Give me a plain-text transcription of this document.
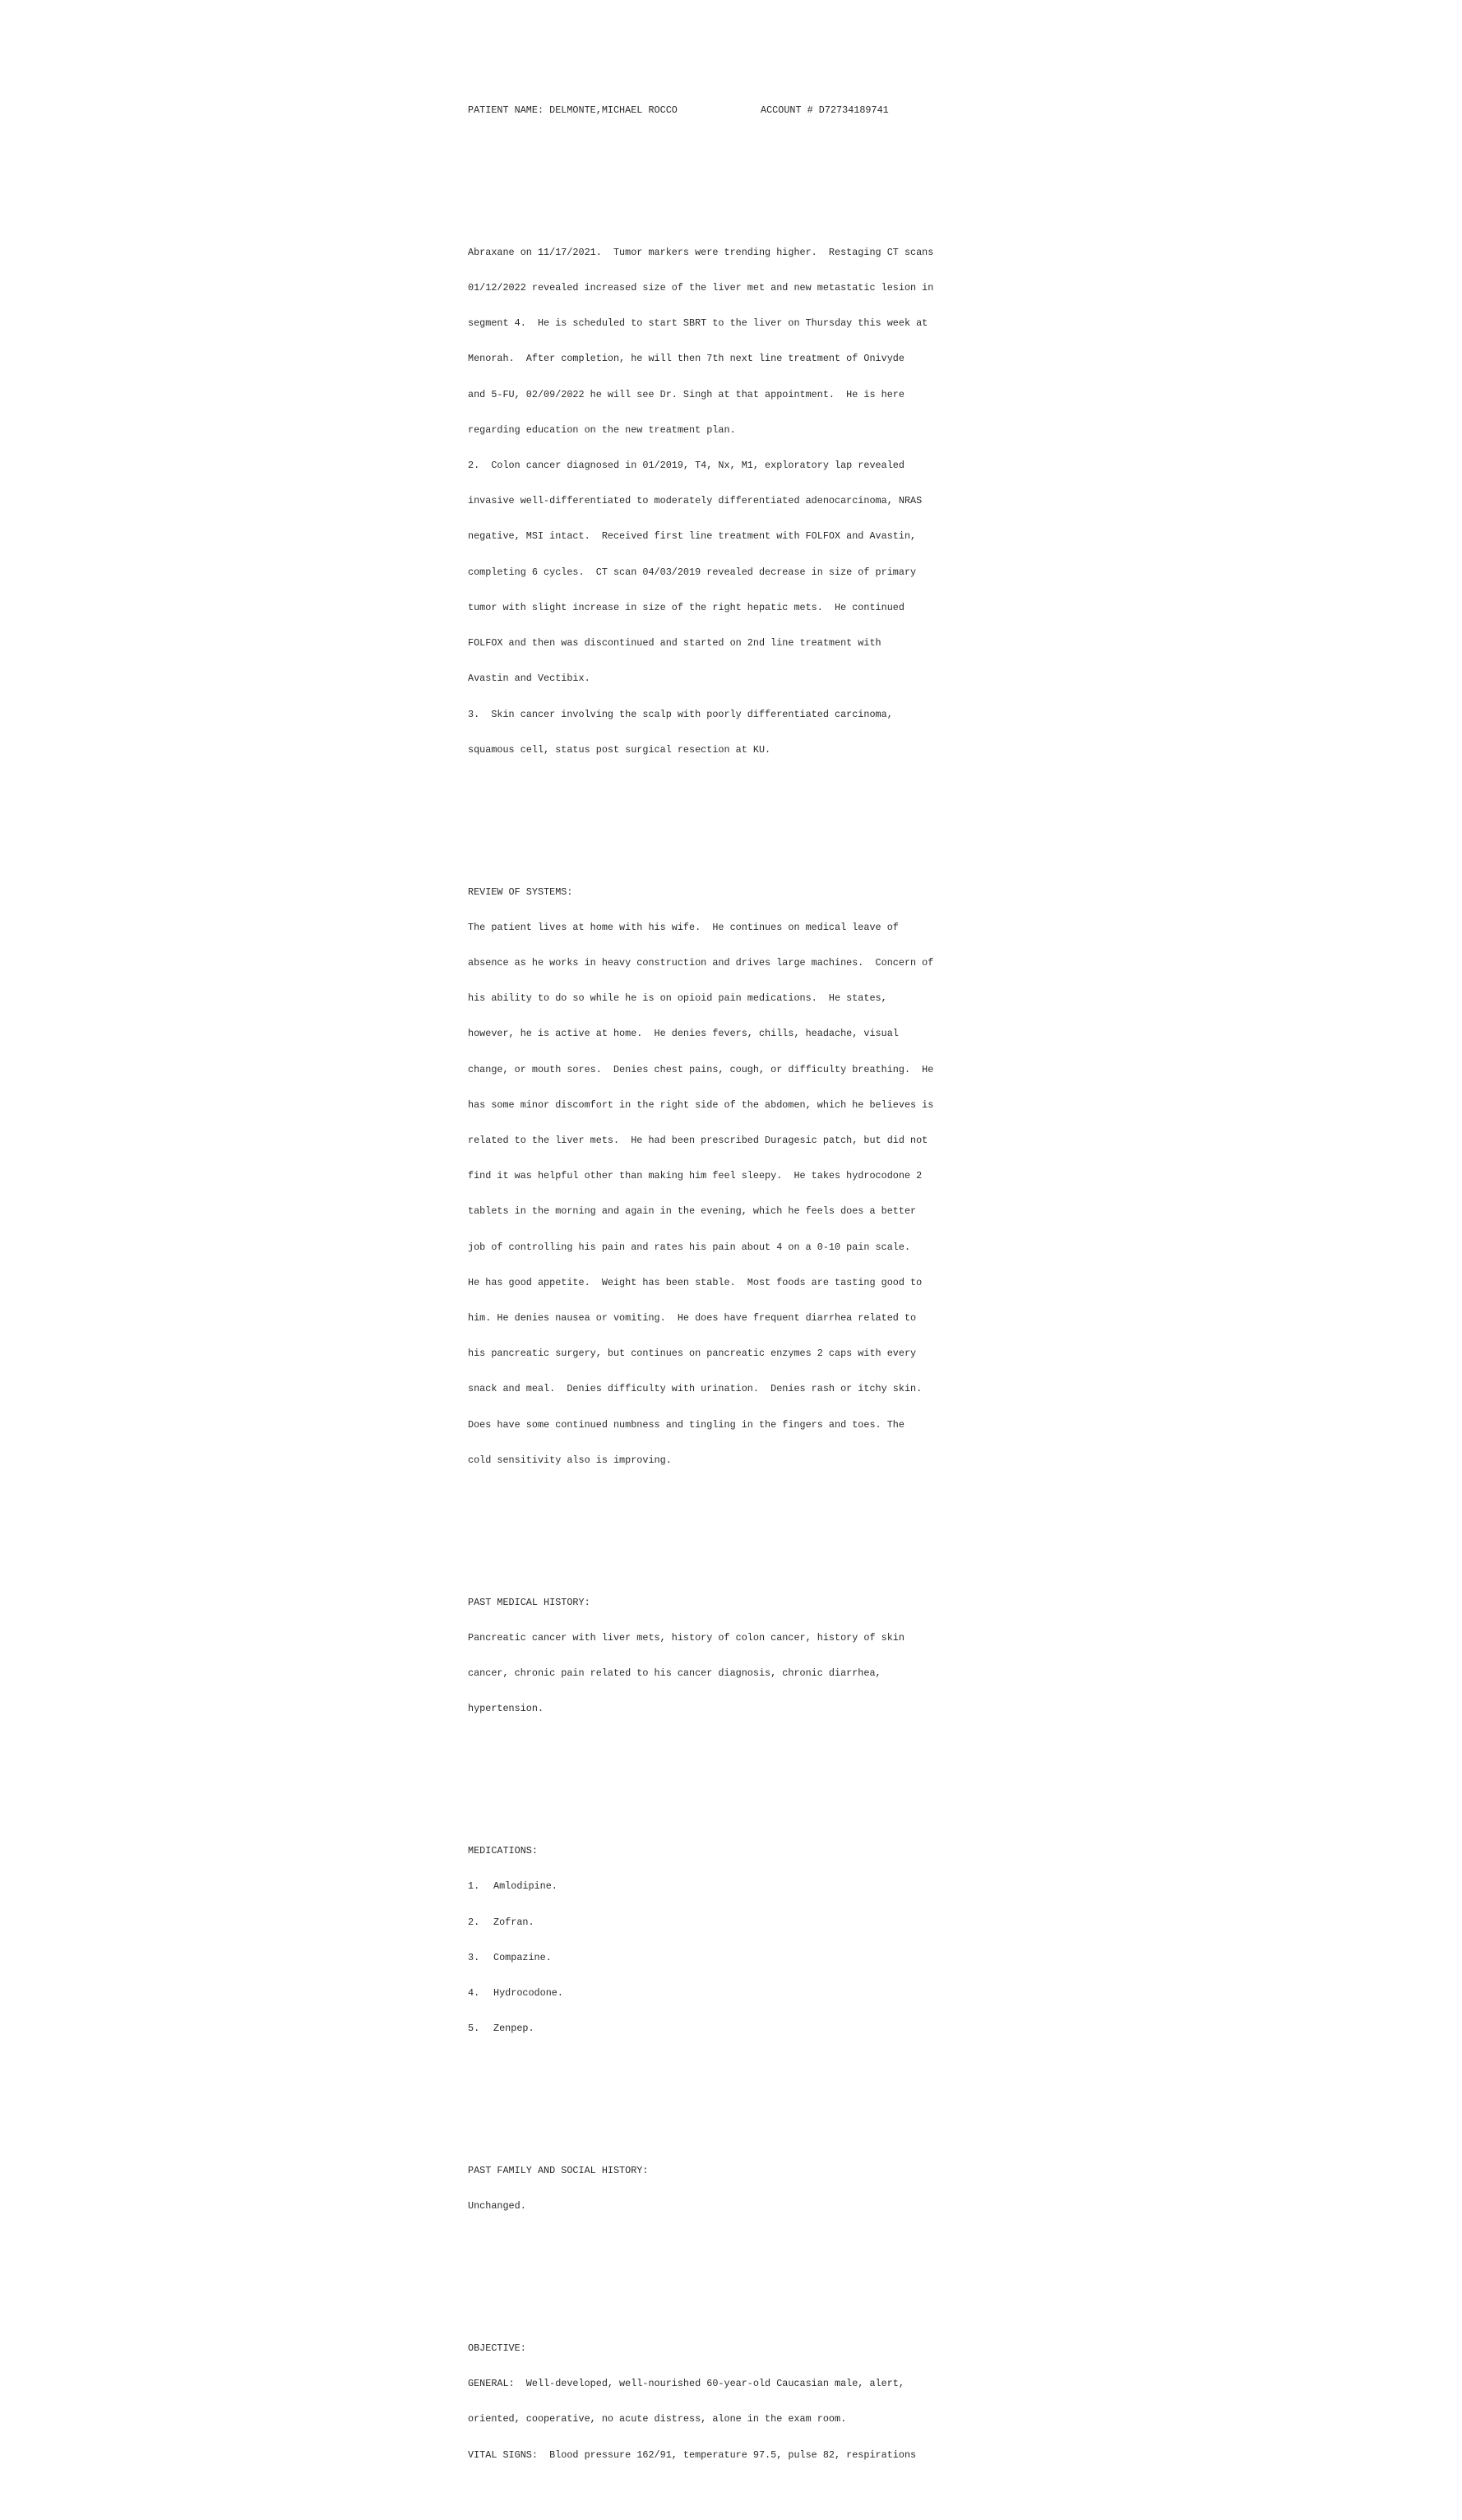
PATIENT NAME: DELMONTE,MICHAEL ROCCO

	ACCOUNT # D72734189741

Abraxane on 11/17/2021.  Tumor markers were trending higher.  Restaging CT scans

01/12/2022 revealed increased size of the liver met and new metastatic lesion in

segment 4.  He is scheduled to start SBRT to the liver on Thursday this week at

Menorah.  After completion, he will then 7th next line treatment of Onivyde

and 5-FU, 02/09/2022 he will see Dr. Singh at that appointment.  He is here

regarding education on the new treatment plan.

2.  Colon cancer diagnosed in 01/2019, T4, Nx, M1, exploratory lap revealed

invasive well-differentiated to moderately differentiated adenocarcinoma, NRAS

negative, MSI intact.  Received first line treatment with FOLFOX and Avastin,

completing 6 cycles.  CT scan 04/03/2019 revealed decrease in size of primary

tumor with slight increase in size of the right hepatic mets.  He continued

FOLFOX and then was discontinued and started on 2nd line treatment with

Avastin and Vectibix.

3.  Skin cancer involving the scalp with poorly differentiated carcinoma,

squamous cell, status post surgical resection at KU.

REVIEW OF SYSTEMS:

The patient lives at home with his wife.  He continues on medical leave of

absence as he works in heavy construction and drives large machines.  Concern of

his ability to do so while he is on opioid pain medications.  He states,

however, he is active at home.  He denies fevers, chills, headache, visual

change, or mouth sores.  Denies chest pains, cough, or difficulty breathing.  He

has some minor discomfort in the right side of the abdomen, which he believes is

related to the liver mets.  He had been prescribed Duragesic patch, but did not

find it was helpful other than making him feel sleepy.  He takes hydrocodone 2

tablets in the morning and again in the evening, which he feels does a better

job of controlling his pain and rates his pain about 4 on a 0-10 pain scale.

He has good appetite.  Weight has been stable.  Most foods are tasting good to

him. He denies nausea or vomiting.  He does have frequent diarrhea related to

his pancreatic surgery, but continues on pancreatic enzymes 2 caps with every

snack and meal.  Denies difficulty with urination.  Denies rash or itchy skin.

Does have some continued numbness and tingling in the fingers and toes. The

cold sensitivity also is improving.

PAST MEDICAL HISTORY:

Pancreatic cancer with liver mets, history of colon cancer, history of skin

cancer, chronic pain related to his cancer diagnosis, chronic diarrhea,

hypertension.

MEDICATIONS:

1. Amlodipine.

2. Zofran.

3. Compazine.

4. Hydrocodone.

5. Zenpep.

PAST FAMILY AND SOCIAL HISTORY:

Unchanged.

OBJECTIVE:

GENERAL:  Well-developed, well-nourished 60-year-old Caucasian male, alert,

oriented, cooperative, no acute distress, alone in the exam room.

VITAL SIGNS:  Blood pressure 162/91, temperature 97.5, pulse 82, respirations
